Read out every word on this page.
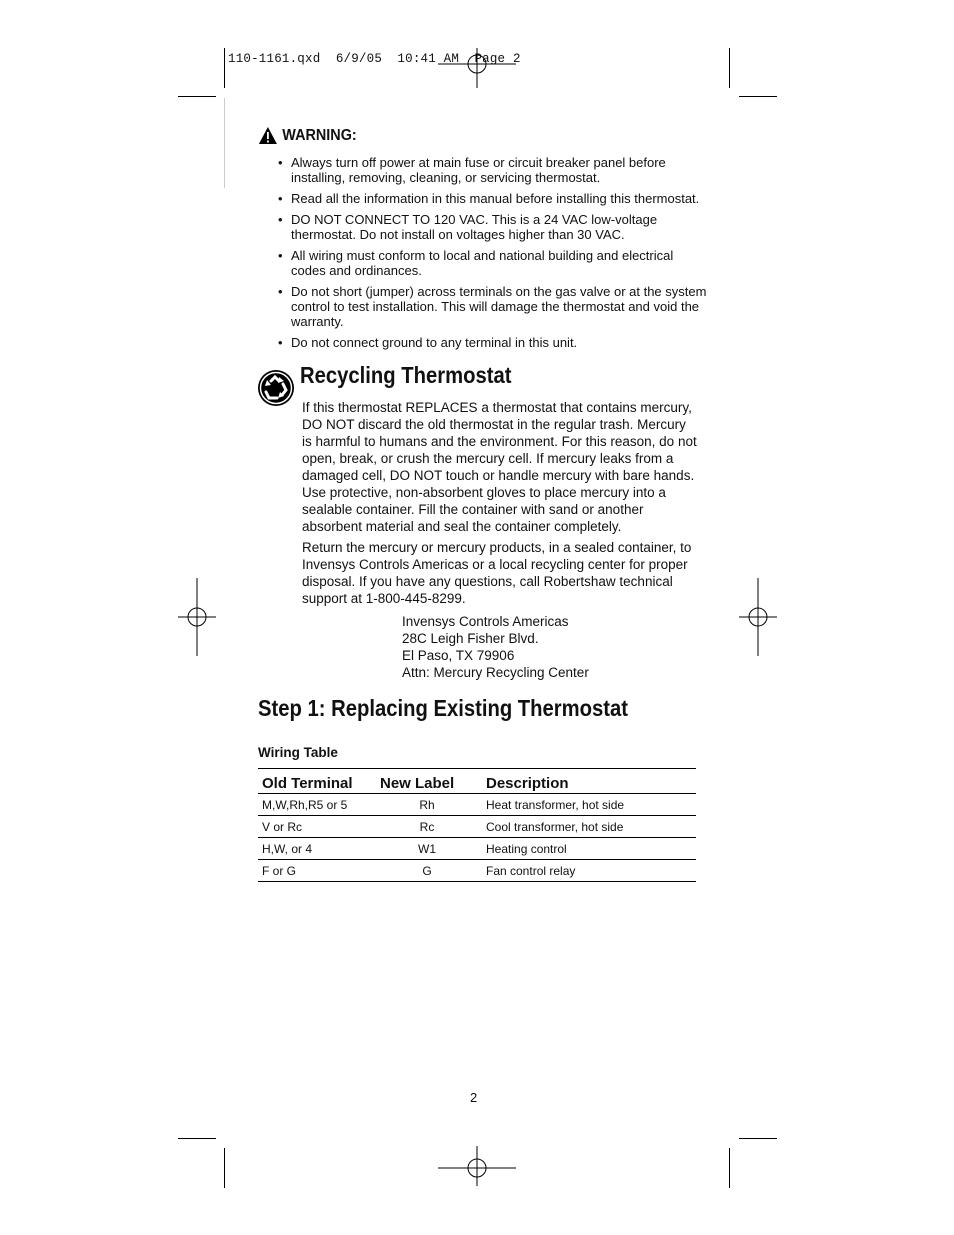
110-1161.qxd  6/9/05  10:41 AM  Page 2
WARNING:
• Always turn off power at main fuse or circuit breaker panel before installing, removing, cleaning, or servicing thermostat.
• Read all the information in this manual before installing this thermostat.
• DO NOT CONNECT TO 120 VAC. This is a 24 VAC low-voltage thermostat. Do not install on voltages higher than 30 VAC.
• All wiring must conform to local and national building and electrical codes and ordinances.
• Do not short (jumper) across terminals on the gas valve or at the system control to test installation. This will damage the thermostat and void the warranty.
• Do not connect ground to any terminal in this unit.
Recycling Thermostat

If this thermostat REPLACES a thermostat that contains mercury, DO NOT discard the old thermostat in the regular trash. Mercury is harmful to humans and the environment. For this reason, do not open, break, or crush the mercury cell. If mercury leaks from a damaged cell, DO NOT touch or handle mercury with bare hands. Use protective, non-absorbent gloves to place mercury into a sealable container. Fill the container with sand or another absorbent material and seal the container completely.

Return the mercury or mercury products, in a sealed container, to Invensys Controls Americas or a local recycling center for proper disposal. If you have any questions, call Robertshaw technical support at 1-800-445-8299.

Invensys Controls Americas
28C Leigh Fisher Blvd.
El Paso, TX 79906
Attn: Mercury Recycling Center
Step 1: Replacing Existing Thermostat
Wiring Table
Old Terminal	New Label	Description
M,W,Rh,R5 or 5	Rh	Heat transformer, hot side
V or Rc	Rc	Cool transformer, hot side
H,W, or 4	W1	Heating control
F or G	G	Fan control relay
2
